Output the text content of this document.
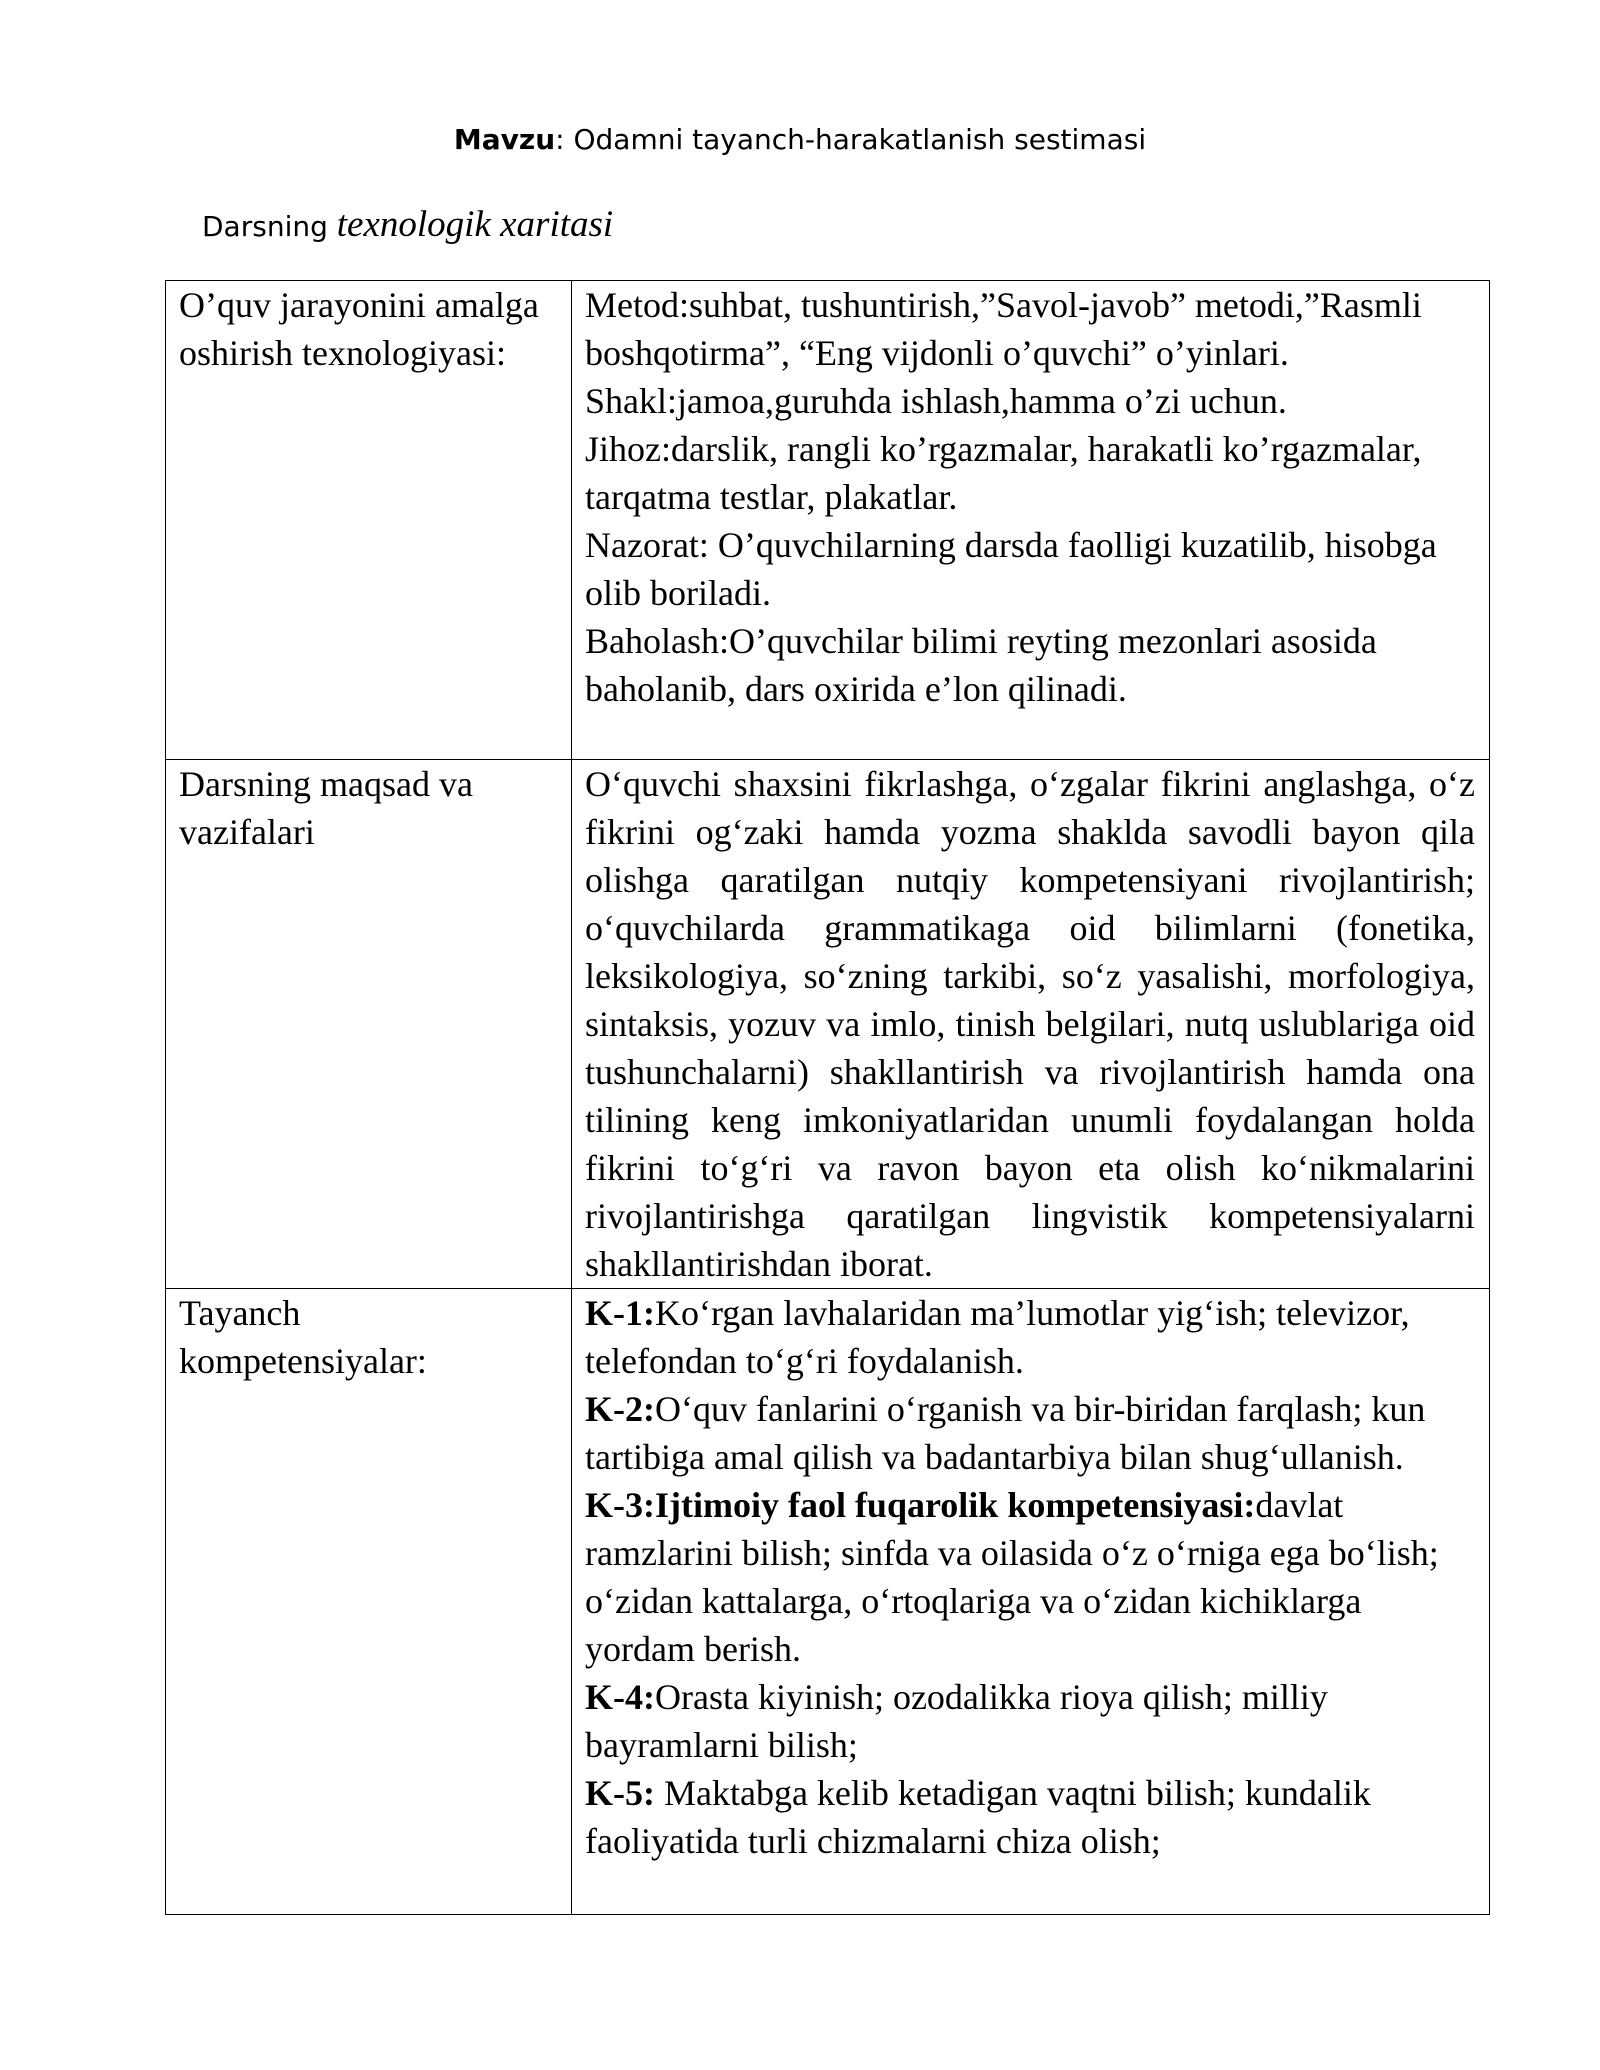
Mavzu: Odamni tayanch-harakatlanish sestimasi
Darsning texnologik xaritasi
O’quv jarayonini amalga oshirish texnologiyasi:	Metod:suhbat, tushuntirish,”Savol-javob” metodi,”Rasmli boshqotirma”, “Eng vijdonli o’quvchi” o’yinlari.
Shakl:jamoa,guruhda ishlash,hamma o’zi uchun.
Jihoz:darslik, rangli ko’rgazmalar, harakatli ko’rgazmalar, tarqatma testlar, plakatlar.
Nazorat: O’quvchilarning darsda faolligi kuzatilib, hisobga olib boriladi.
Baholash:O’quvchilar bilimi reyting mezonlari asosida baholanib, dars oxirida e’lon qilinadi.

Darsning maqsad va vazifalari	O‘quvchi shaxsini fikrlashga, o‘zgalar fikrini anglashga, o‘z fikrini og‘zaki hamda yozma shakldа savodli bayon qila olishga qaratilgan nutqiy kompetensiyani rivojlantirish; o‘quvchilarda grammatikaga oid bilimlarni (fonetika, leksikologiya, so‘zning tarkibi, so‘z yasalishi, morfologiya, sintaksis, yozuv va imlo, tinish belgilari, nutq uslublariga oid tushunchalarni) shakllantirish va rivojlantirish hamda ona tilining keng imkoniyatlaridan unumli foydalangan holda fikrini to‘g‘ri va ravon bayon eta olish ko‘nikmalarini rivojlantirishga qaratilgan lingvistik kompetensiyalarni shakllantirishdan iborat.
Tayanch kompetensiyalar:	K-1:Ko‘rgan lavhalaridan ma’lumotlar yig‘ish; televizor, telefondan to‘g‘ri foydalanish.
K-2:O‘quv fanlarini o‘rganish va bir-biridan farqlash; kun tartibiga amal qilish va badantarbiya bilan shug‘ullanish.
K-3:Ijtimoiy faol fuqarolik kompetensiyasi:davlat ramzlarini bilish; sinfda va oilasida o‘z o‘rniga ega bo‘lish; o‘zidan kattalarga, o‘rtoqlariga va o‘zidan kichiklarga yordam berish.
K-4:Orasta kiyinish; ozodalikka rioya qilish; milliy bayramlarni bilish;
K-5: Maktabga kelib ketadigan vaqtni bilish; kundalik faoliyatida turli chizmalarni chiza olish;
